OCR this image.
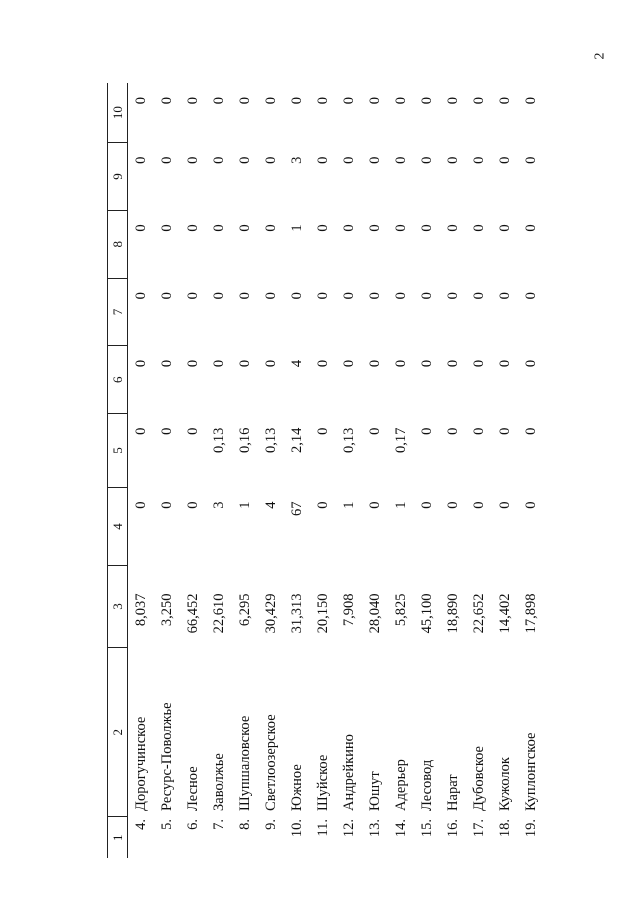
2
1	2	3	4	5	6	7	8	9	10
4.	Дорогучинское	8,037	0	0	0	0	0	0	0
5.	Ресурс-Поволжье	3,250	0	0	0	0	0	0	0
6.	Лесное	66,452	0	0	0	0	0	0	0
7.	Заволжье	22,610	3	0,13	0	0	0	0	0
8.	Шупшаловское	6,295	1	0,16	0	0	0	0	0
9.	Светлоозерское	30,429	4	0,13	0	0	0	0	0
10.	Южное	31,313	67	2,14	4	0	1	3	0
11.	Шуйское	20,150	0	0	0	0	0	0	0
12.	Андрейкино	7,908	1	0,13	0	0	0	0	0
13.	Юшут	28,040	0	0	0	0	0	0	0
14.	Адерьер	5,825	1	0,17	0	0	0	0	0
15.	Лесовод	45,100	0	0	0	0	0	0	0
16.	Нарат	18,890	0	0	0	0	0	0	0
17.	Дубовское	22,652	0	0	0	0	0	0	0
18.	Кужолок	14,402	0	0	0	0	0	0	0
19.	Куплонгское	17,898	0	0	0	0	0	0	0
